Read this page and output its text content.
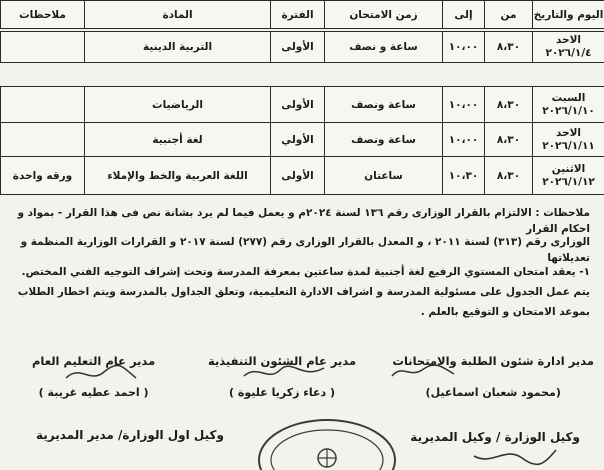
ملاحظات	المادة	الفترة	زمن الامتحان	إلى	من	اليوم والتاريخ
	التربية الدينية	الأولى	ساعة و نصف	١٠،٠٠	٨،٣٠	الاحد
٢٠٢٦/١/٤
	الرياضيات	الأولى	ساعة ونصف	١٠،٠٠	٨،٣٠	السبت
٢٠٢٦/١/١٠
	لغة أجنبية	الأولي	ساعة ونصف	١٠،٠٠	٨،٣٠	الاحد
٢٠٢٦/١/١١
ورقه واحدة	اللغة العربية والخط والإملاء	الأولى	ساعتان	١٠،٣٠	٨،٣٠	الاثنين
٢٠٢٦/١/١٢
ملاحظات : الالتزام بالقرار الوزارى رقم ١٣٦ لسنة ٢٠٢٤م و يعمل فيما لم يرد بشانة نص فى هذا القرار - بمواد و احكام القرار
الوزارى رقم (٣١٣) لسنة ٢٠١١ ، و المعدل بالقرار الوزارى رقم (٢٧٧) لسنة ٢٠١٧ و القرارات الوزارية المنظمة و تعديلاتها
١- يعقد امتحان المستوي الرفيع لغة أجنبية لمدة ساعتين بمعرفة المدرسة وتحت إشراف التوجيه الفني المختص. يتم عمل الجدول على مسئولية المدرسة و اشراف الادارة التعليمية، وتعلق الجداول بالمدرسة ويتم اخطار الطلاب بموعد الامتحان و التوقيع بالعلم .
مدير ادارة شئون الطلبة والامتحانات
(محمود شعبان اسماعيل)
مدير عام الشئون التنفيذية
( دعاء زكريا عليوة )
مدير عام التعليم العام
( احمد عطيه غريبة )
وكيل الوزارة / وكيل المديرية
وكيل اول الوزارة/ مدير المديرية
